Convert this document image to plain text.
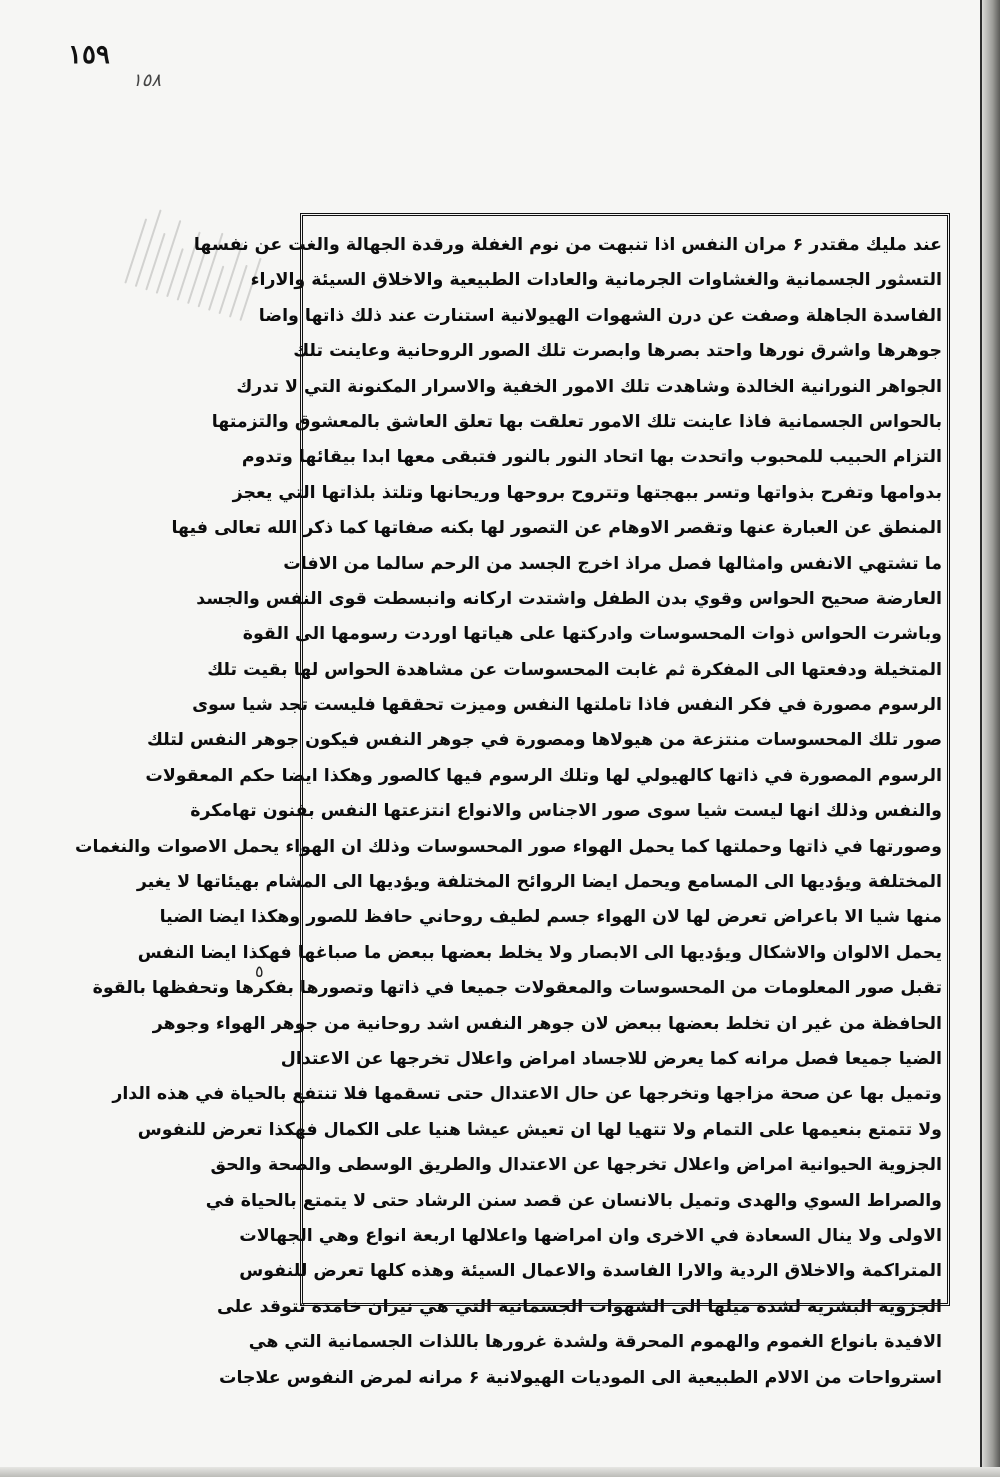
١٥٩
١٥٨
عند مليك مقتدر ۶ مران النفس اذا تنبهت من نوم الغفلة ورقدة الجهالة والغت عن نفسها
التسثور الجسمانية والغشاوات الجرمانية والعادات الطبيعية والاخلاق السيئة والاراء
الفاسدة الجاهلة وصفت عن درن الشهوات الهيولانية استنارت عند ذلك ذاتها واضا
جوهرها واشرق نورها واحتد بصرها وابصرت تلك الصور الروحانية وعاينت تلك
الجواهر النورانية الخالدة وشاهدت تلك الامور الخفية والاسرار المكنونة التي لا تدرك
بالحواس الجسمانية فاذا عاينت تلك الامور تعلقت بها تعلق العاشق بالمعشوق والتزمتها
التزام الحبيب للمحبوب واتحدت بها اتحاد النور بالنور فتبقى معها ابدا بيقائها وتدوم
بدوامها وتفرح بذواتها وتسر ببهجتها وتتروح بروحها وريحانها وتلتذ بلذاتها التي يعجز
المنطق عن العبارة عنها وتقصر الاوهام عن التصور لها بكنه صفاتها كما ذكر الله تعالى فيها
ما تشتهي الانفس وامثالها فصل مراذ اخرج الجسد من الرحم سالما من الافات
العارضة صحيح الحواس وقوي بدن الطفل واشتدت اركانه وانبسطت قوى النفس والجسد
وباشرت الحواس ذوات المحسوسات وادركتها على هياتها اوردت رسومها الى القوة
المتخيلة ودفعتها الى المفكرة ثم غابت المحسوسات عن مشاهدة الحواس لها بقيت تلك
الرسوم مصورة في فكر النفس فاذا تاملتها النفس وميزت تحققها فليست تجد شيا سوى
صور تلك المحسوسات منتزعة من هيولاها ومصورة في جوهر النفس فيكون جوهر النفس لتلك
الرسوم المصورة في ذاتها كالهيولي لها وتلك الرسوم فيها كالصور وهكذا ايضا حكم المعقولات
والنفس وذلك انها ليست شيا سوى صور الاجناس والانواع انتزعتها النفس بفنون تهامكرة
وصورتها في ذاتها وحملتها كما يحمل الهواء صور المحسوسات وذلك ان الهواء يحمل الاصوات والنغمات
المختلفة ويؤديها الى المسامع ويحمل ايضا الروائح المختلفة ويؤديها الى المشام بهيئاتها لا يغير
منها شيا الا باعراض تعرض لها لان الهواء جسم لطيف روحاني حافظ للصور وهكذا ايضا الضيا
يحمل الالوان والاشكال ويؤديها الى الابصار ولا يخلط بعضها ببعض ما صباغها فهكذا ايضا النفس
تقبل صور المعلومات من المحسوسات والمعقولات جميعا في ذاتها وتصورها بفكرها وتحفظها بالقوة
الحافظة من غير ان تخلط بعضها ببعض لان جوهر النفس اشد روحانية من جوهر الهواء وجوهر
الضيا جميعا فصل مرانه كما يعرض للاجساد امراض واعلال تخرجها عن الاعتدال
وتميل بها عن صحة مزاجها وتخرجها عن حال الاعتدال حتى تسقمها فلا تنتفع بالحياة في هذه الدار
ولا تتمتع بنعيمها على التمام ولا تتهيا لها ان تعيش عيشا هنيا على الكمال فهكذا تعرض للنفوس
الجزوية الحيوانية امراض واعلال تخرجها عن الاعتدال والطريق الوسطى والصحة والحق
والصراط السوي والهدى وتميل بالانسان عن قصد سنن الرشاد حتى لا يتمتع بالحياة في
الاولى ولا ينال السعادة في الاخرى وان امراضها واعلالها اربعة انواع وهي الجهالات
المتراكمة والاخلاق الردية والارا الفاسدة والاعمال السيئة وهذه كلها تعرض للنفوس
الجزوية البشرية لشدة ميلها الى الشهوات الجسمانية التي هي نيران خامدة تتوقد على
الافيدة بانواع الغموم والهموم المحرقة ولشدة غرورها باللذات الجسمانية التي هي
استرواحات من الالام الطبيعية الى الموديات الهيولانية ۶ مرانه لمرض النفوس علاجات
٥
